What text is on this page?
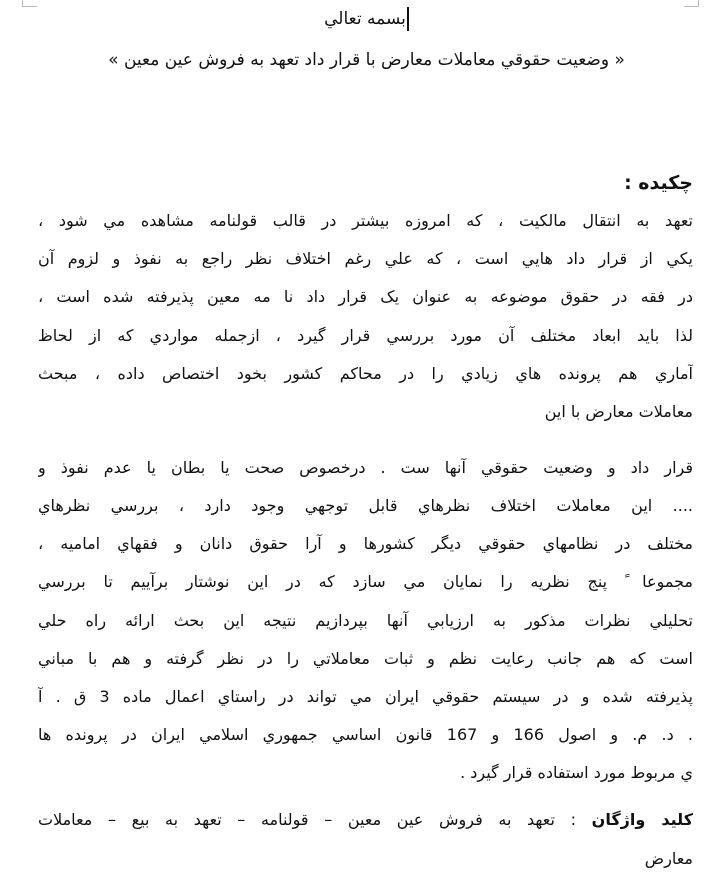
بسمه تعالي
« وضعيت حقوقي معاملات معارض با قرار داد تعهد به فروش عين معين »
چكيده :
تعهد به انتقال مالكيت ، كه امروزه بيشتر در قالب قولنامه مشاهده مي شود ،
يكي از قرار داد هايي است ، كه علي رغم اختلاف نظر راجع به نفوذ و لزوم آن
در فقه در حقوق موضوعه به عنوان يک قرار داد نا مه معين پذيرفته شده است ،
لذا بايد ابعاد مختلف آن مورد بررسي قرار گيرد ، ازجمله مواردي كه از لحاظ
آماري هم پرونده هاي زيادي را در محاكم كشور بخود اختصاص داده ، مبحث
معاملات معارض با اين
قرار داد و وضعيت حقوقي آنها ست . درخصوص صحت يا بطان يا عدم نفوذ و
.... اين معاملات اختلاف نظرهاي قابل توجهي وجود دارد ، بررسي نظرهاي
مختلف در نظامهاي حقوقي ديگر كشورها و آرا حقوق دانان و فقهاي اماميه ،
مجموعا ً پنج نظريه را نمايان مي سازد كه در اين نوشتار برآييم تا بررسي
تحليلي نظرات مذكور به ارزيابي آنها بپردازيم نتيجه اين بحث ارائه راه حلي
است كه هم جانب رعايت نظم و ثبات معاملاتي را در نظر گرفته و هم با مباني
پذيرفته شده و در سيستم حقوقي ايران مي تواند در راستاي اعمال ماده 3 ق . آ
. د. م. و اصول 166 و 167 قانون اساسي جمهوري اسلامي ايران در پرونده ها
ي مربوط مورد استفاده قرار گيرد .
كليد واژگان : تعهد به فروش عين معين – قولنامه – تعهد به بيع – معاملات
معارض
